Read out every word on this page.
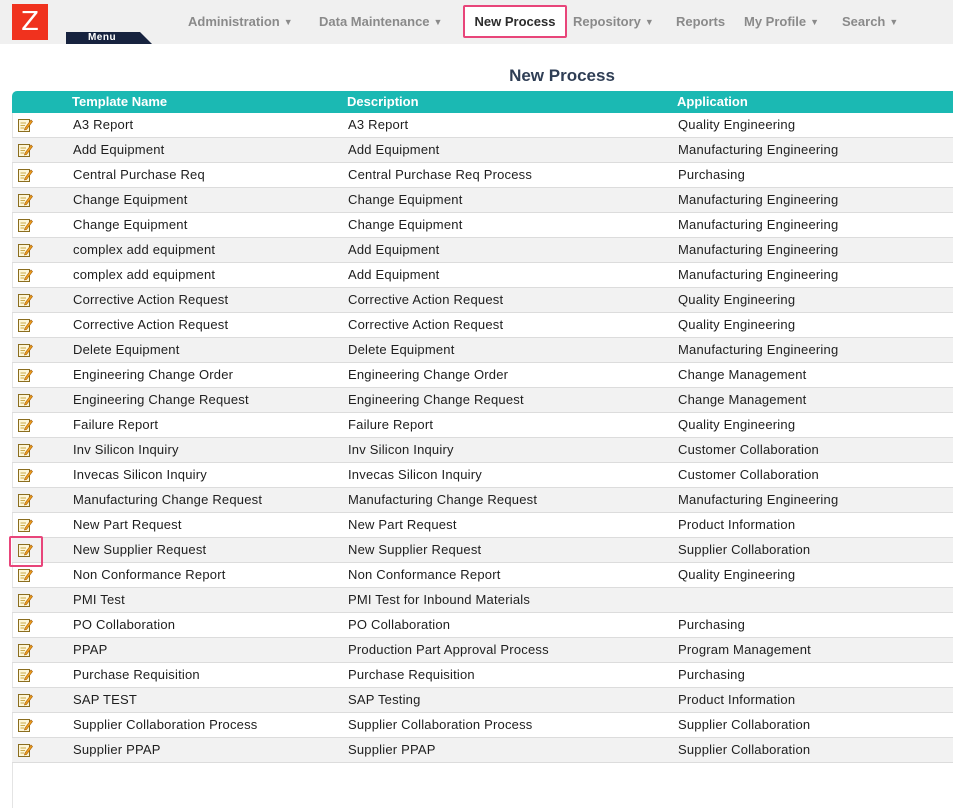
Z
Menu
Administration ▼ Data Maintenance ▼	New Process	Repository ▼ Reports My Profile ▼ Search ▼
New Process
Template Name	Description	Application
A3 Report	A3 Report	Quality Engineering
Add Equipment	Add Equipment	Manufacturing Engineering
Central Purchase Req	Central Purchase Req Process	Purchasing
Change Equipment	Change Equipment	Manufacturing Engineering
Change Equipment	Change Equipment	Manufacturing Engineering
complex add equipment	Add Equipment	Manufacturing Engineering
complex add equipment	Add Equipment	Manufacturing Engineering
Corrective Action Request	Corrective Action Request	Quality Engineering
Corrective Action Request	Corrective Action Request	Quality Engineering
Delete Equipment	Delete Equipment	Manufacturing Engineering
Engineering Change Order	Engineering Change Order	Change Management
Engineering Change Request	Engineering Change Request	Change Management
Failure Report	Failure Report	Quality Engineering
Inv Silicon Inquiry	Inv Silicon Inquiry	Customer Collaboration
Invecas Silicon Inquiry	Invecas Silicon Inquiry	Customer Collaboration
Manufacturing Change Request	Manufacturing Change Request	Manufacturing Engineering
New Part Request	New Part Request	Product Information
New Supplier Request	New Supplier Request	Supplier Collaboration
Non Conformance Report	Non Conformance Report	Quality Engineering
PMI Test	PMI Test for Inbound Materials
PO Collaboration	PO Collaboration	Purchasing
PPAP	Production Part Approval Process	Program Management
Purchase Requisition	Purchase Requisition	Purchasing
SAP TEST	SAP Testing	Product Information
Supplier Collaboration Process	Supplier Collaboration Process	Supplier Collaboration
Supplier PPAP	Supplier PPAP	Supplier Collaboration
